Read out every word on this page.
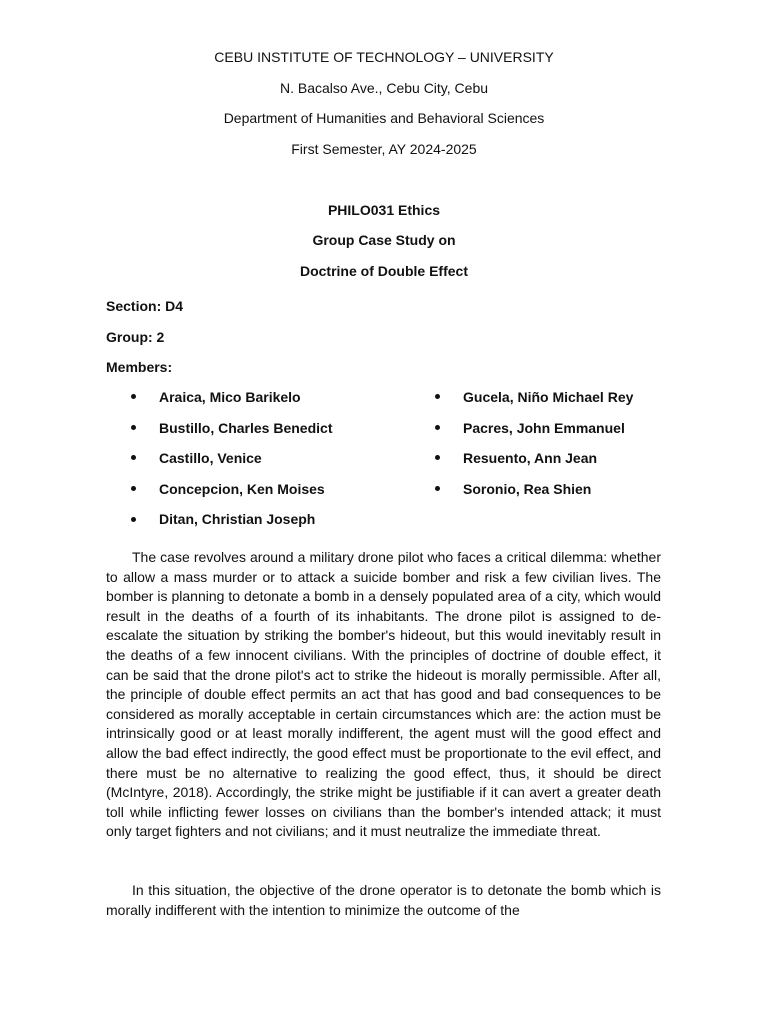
CEBU INSTITUTE OF TECHNOLOGY – UNIVERSITY
N. Bacalso Ave., Cebu City, Cebu
Department of Humanities and Behavioral Sciences
First Semester, AY 2024-2025
PHILO031 Ethics
Group Case Study on
Doctrine of Double Effect
Section: D4
Group: 2
Members:
Araica, Mico Barikelo
Bustillo, Charles Benedict
Castillo, Venice
Concepcion, Ken Moises
Ditan, Christian Joseph
Gucela, Niño Michael Rey
Pacres, John Emmanuel
Resuento, Ann Jean
Soronio, Rea Shien

The case revolves around a military drone pilot who faces a critical dilemma: whether to allow a mass murder or to attack a suicide bomber and risk a few civilian lives. The bomber is planning to detonate a bomb in a densely populated area of a city, which would result in the deaths of a fourth of its inhabitants. The drone pilot is assigned to de-escalate the situation by striking the bomber's hideout, but this would inevitably result in the deaths of a few innocent civilians. With the principles of doctrine of double effect, it can be said that the drone pilot's act to strike the hideout is morally permissible. After all, the principle of double effect permits an act that has good and bad consequences to be considered as morally acceptable in certain circumstances which are: the action must be intrinsically good or at least morally indifferent, the agent must will the good effect and allow the bad effect indirectly, the good effect must be proportionate to the evil effect, and there must be no alternative to realizing the good effect, thus, it should be direct (McIntyre, 2018). Accordingly, the strike might be justifiable if it can avert a greater death toll while inflicting fewer losses on civilians than the bomber's intended attack; it must only target fighters and not civilians; and it must neutralize the immediate threat.

In this situation, the objective of the drone operator is to detonate the bomb which is morally indifferent with the intention to minimize the outcome of the
